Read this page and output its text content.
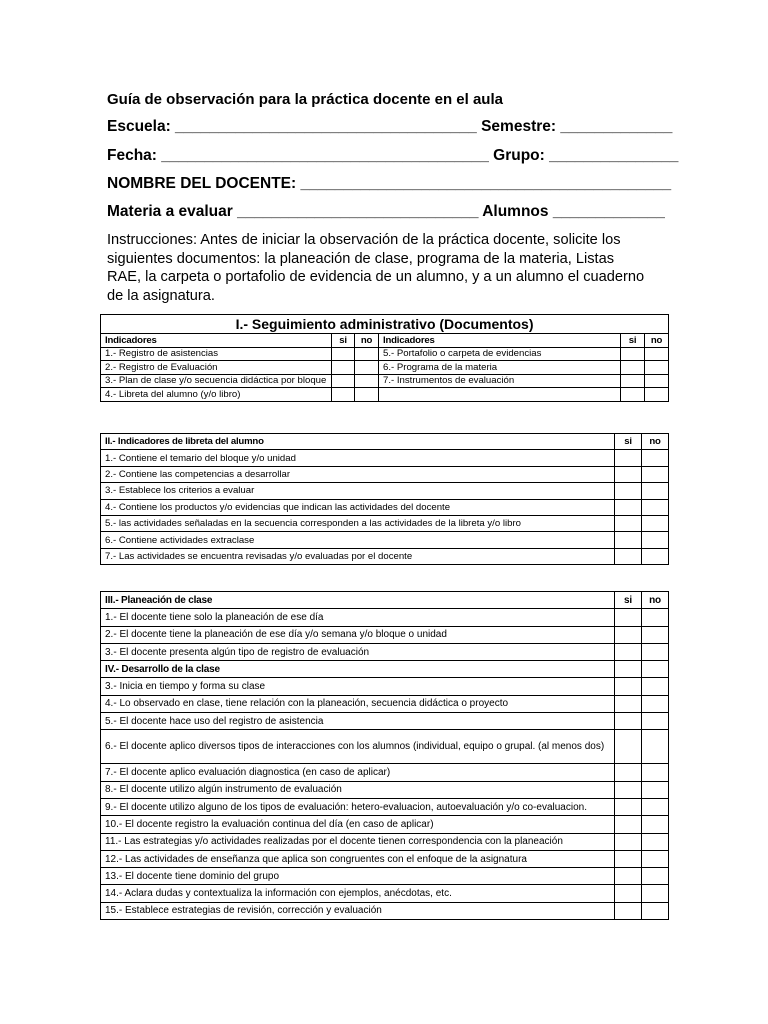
Guía de observación para la práctica docente en el aula
Escuela: ___________________________________ Semestre: _____________
Fecha: ______________________________________ Grupo: _______________
NOMBRE DEL DOCENTE: ___________________________________________
Materia a evaluar ____________________________ Alumnos _____________
Instrucciones: Antes de iniciar la observación de la práctica docente, solicite los siguientes documentos: la planeación de clase, programa de la materia, Listas RAE, la carpeta o portafolio de evidencia de un alumno, y a un alumno el cuaderno de la asignatura.
I.- Seguimiento administrativo (Documentos)					
Indicadores	si	no	Indicadores	si	no
1.- Registro de asistencias			5.- Portafolio o carpeta de evidencias		
2.- Registro de Evaluación			6.- Programa de la materia		
3.- Plan de clase y/o secuencia didáctica por bloque			7.- Instrumentos de evaluación		
4.- Libreta del alumno (y/o libro)					
II.- Indicadores de libreta del alumno	si	no
1.- Contiene el temario del bloque y/o unidad		
2.- Contiene las competencias a desarrollar		
3.- Establece los criterios a evaluar		
4.- Contiene los productos y/o evidencias que indican las actividades del docente		
5.- las actividades señaladas en la secuencia corresponden a las actividades de la libreta y/o libro		
6.- Contiene actividades extraclase		
7.- Las actividades se encuentra revisadas y/o evaluadas por el docente		
III.- Planeación de clase	si	no
1.- El docente tiene solo la planeación de ese día		
2.- El docente tiene la planeación de ese día y/o semana y/o bloque o unidad		
3.- El docente presenta algún tipo de registro de evaluación		
IV.- Desarrollo de la clase		
3.- Inicia en tiempo y forma su clase		
4.- Lo observado en clase, tiene relación con la planeación, secuencia didáctica o proyecto		
5.- El docente hace uso del registro de asistencia		
6.- El docente aplico diversos tipos de interacciones con los alumnos (individual, equipo o grupal. (al menos dos)		
7.- El docente aplico evaluación diagnostica (en caso de aplicar)		
8.- El docente utilizo algún instrumento de evaluación		
9.- El docente utilizo alguno de los tipos de evaluación: hetero-evaluacion, autoevaluación y/o co-evaluacion.		
10.- El docente registro la evaluación continua del día (en caso de aplicar)		
11.- Las estrategias y/o actividades realizadas por el docente tienen correspondencia con la planeación		
12.- Las actividades de enseñanza que aplica son congruentes con el enfoque de la asignatura		
13.- El docente tiene dominio del grupo		
14.- Aclara dudas y contextualiza la información con ejemplos, anécdotas, etc.		
15.- Establece estrategias de revisión, corrección y evaluación		
